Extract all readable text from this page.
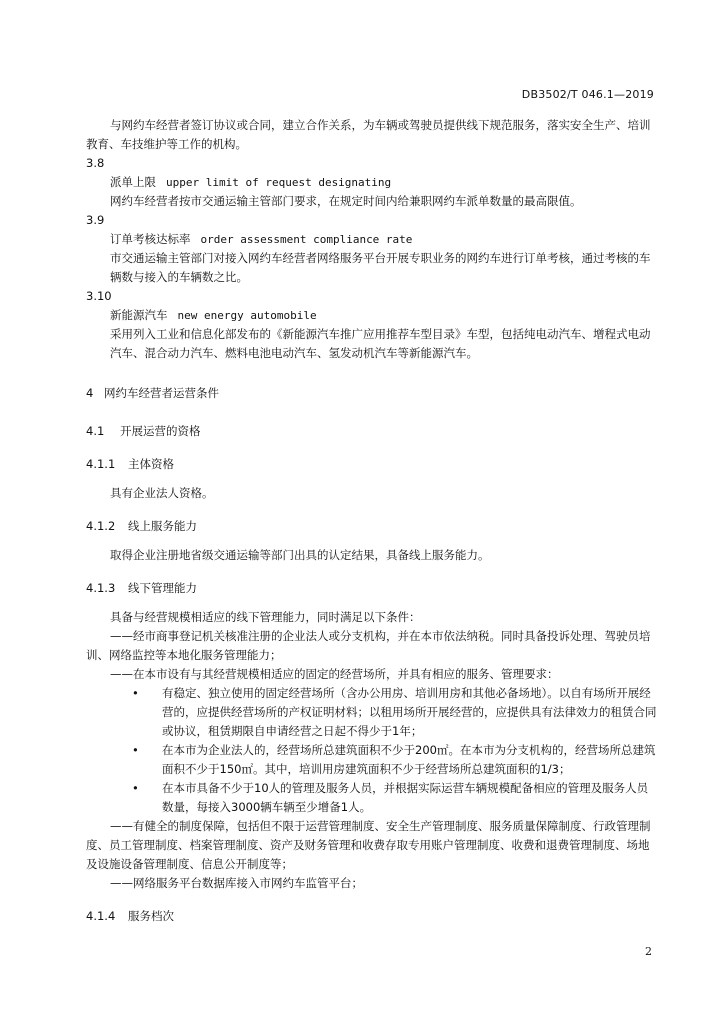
DB3502/T 046.1—2019

与网约车经营者签订协议或合同，建立合作关系，为车辆或驾驶员提供线下规范服务，落实安全生产、培训教育、车技维护等工作的机构。

3.8

派单上限 upper limit of request designating

网约车经营者按市交通运输主管部门要求，在规定时间内给兼职网约车派单数量的最高限值。

3.9

订单考核达标率 order assessment compliance rate

市交通运输主管部门对接入网约车经营者网络服务平台开展专职业务的网约车进行订单考核，通过考核的车辆数与接入的车辆数之比。

3.10

新能源汽车 new energy automobile

采用列入工业和信息化部发布的《新能源汽车推广应用推荐车型目录》车型，包括纯电动汽车、增程式电动汽车、混合动力汽车、燃料电池电动汽车、氢发动机汽车等新能源汽车。

4 网约车经营者运营条件

4.1 开展运营的资格

4.1.1 主体资格

具有企业法人资格。

4.1.2 线上服务能力

取得企业注册地省级交通运输等部门出具的认定结果，具备线上服务能力。

4.1.3 线下管理能力

具备与经营规模相适应的线下管理能力，同时满足以下条件：

——经市商事登记机关核准注册的企业法人或分支机构，并在本市依法纳税。同时具备投诉处理、驾驶员培训、网络监控等本地化服务管理能力；

——在本市设有与其经营规模相适应的固定的经营场所，并具有相应的服务、管理要求：

• 有稳定、独立使用的固定经营场所（含办公用房、培训用房和其他必备场地）。以自有场所开展经营的，应提供经营场所的产权证明材料；以租用场所开展经营的，应提供具有法律效力的租赁合同或协议，租赁期限自申请经营之日起不得少于1年；
• 在本市为企业法人的，经营场所总建筑面积不少于200㎡。在本市为分支机构的，经营场所总建筑面积不少于150㎡。其中，培训用房建筑面积不少于经营场所总建筑面积的1/3；
• 在本市具备不少于10人的管理及服务人员，并根据实际运营车辆规模配备相应的管理及服务人员数量，每接入3000辆车辆至少增备1人。

——有健全的制度保障，包括但不限于运营管理制度、安全生产管理制度、服务质量保障制度、行政管理制度、员工管理制度、档案管理制度、资产及财务管理和收费存取专用账户管理制度、收费和退费管理制度、场地及设施设备管理制度、信息公开制度等；

——网络服务平台数据库接入市网约车监管平台；

4.1.4 服务档次

2
